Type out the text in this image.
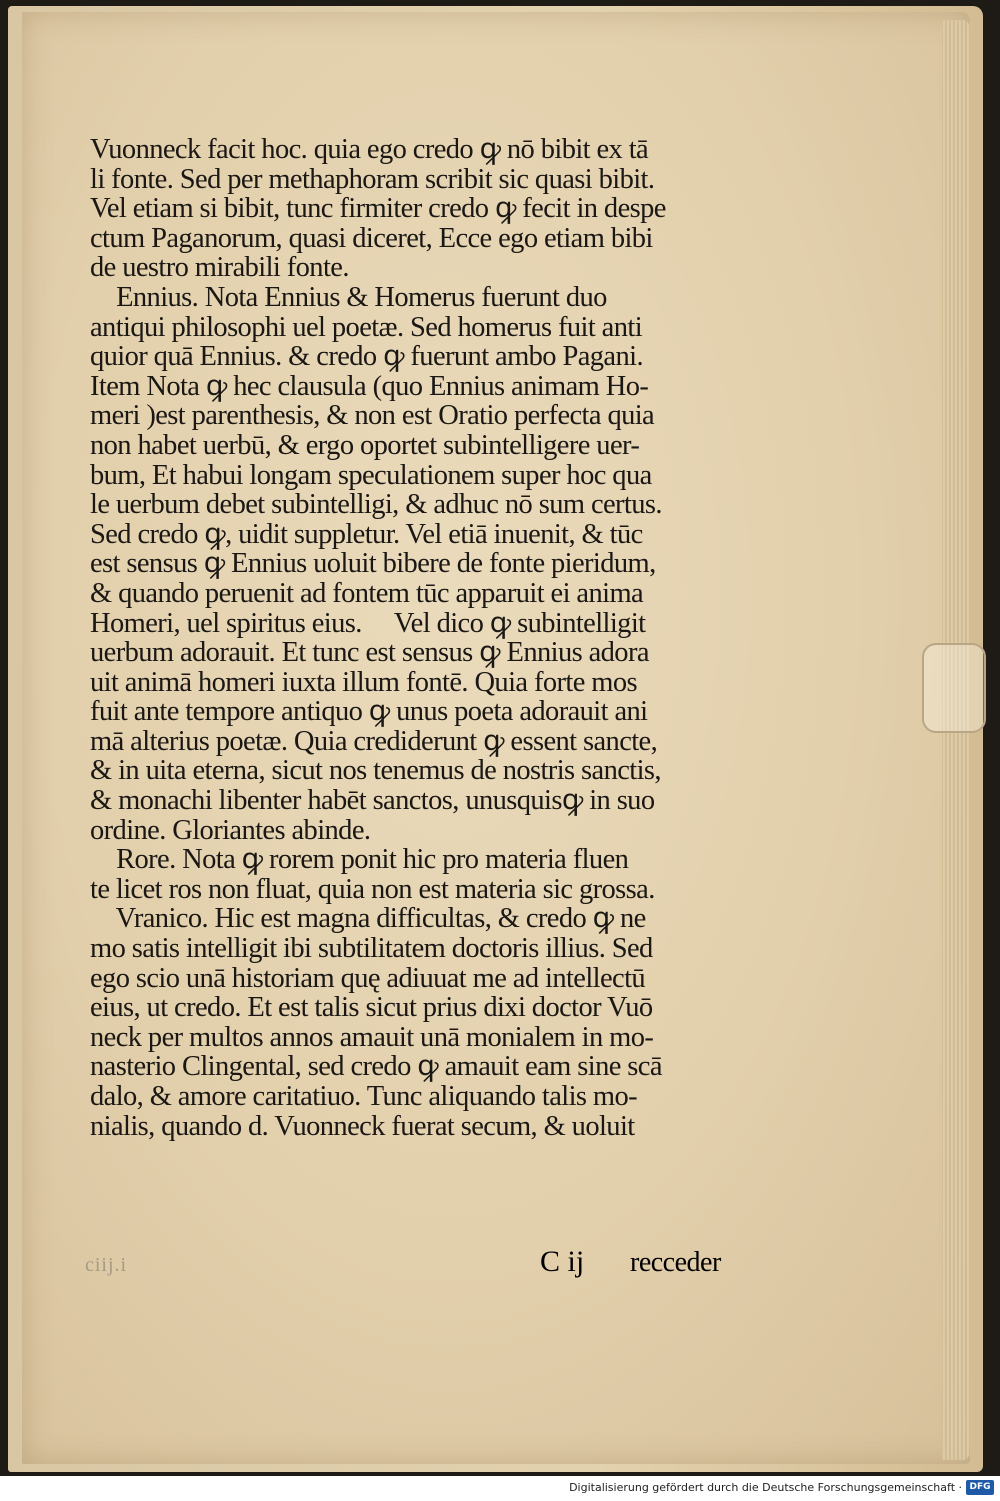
Vuonneck facit hoc. quia ego credo ꝙ nō bibit ex tā
li fonte. Sed per methaphoram scribit sic quasi bibit.
Vel etiam si bibit, tunc firmiter credo ꝙ fecit in despe
ctum Paganorum, quasi diceret, Ecce ego etiam bibi
de uestro mirabili fonte.
Ennius. Nota Ennius & Homerus fuerunt duo
antiqui philosophi uel poetæ. Sed homerus fuit anti
quior quā Ennius. & credo ꝙ fuerunt ambo Pagani.
Item Nota ꝙ hec clausula (quo Ennius animam Ho-
meri )est parenthesis, & non est Oratio perfecta quia
non habet uerbū, & ergo oportet subintelligere uer-
bum, Et habui longam speculationem super hoc qua
le uerbum debet subintelligi, & adhuc nō sum certus.
Sed credo ꝙ, uidit suppletur. Vel etiā inuenit, & tūc
est sensus ꝙ Ennius uoluit bibere de fonte pieridum,
& quando peruenit ad fontem tūc apparuit ei anima
Homeri, uel spiritus eius.     Vel dico ꝙ subintelligit
uerbum adorauit. Et tunc est sensus ꝙ Ennius adora
uit animā homeri iuxta illum fontē. Quia forte mos
fuit ante tempore antiquo ꝙ unus poeta adorauit ani
mā alterius poetæ. Quia crediderunt ꝙ essent sancte,
& in uita eterna, sicut nos tenemus de nostris sanctis,
& monachi libenter habēt sanctos, unusquisꝙ in suo
ordine. Gloriantes abinde.
Rore. Nota ꝙ rorem ponit hic pro materia fluen
te licet ros non fluat, quia non est materia sic grossa.
Vranico. Hic est magna difficultas, & credo ꝙ ne
mo satis intelligit ibi subtilitatem doctoris illius. Sed
ego scio unā historiam quę adiuuat me ad intellectū
eius, ut credo. Et est talis sicut prius dixi doctor Vuō
neck per multos annos amauit unā monialem in mo-
nasterio Clingental, sed credo ꝙ amauit eam sine scā
dalo, & amore caritatiuo. Tunc aliquando talis mo-
nialis, quando d. Vuonneck fuerat secum, & uoluit
ciij.i	C ij recceder
Digitalisierung gefördert durch die Deutsche Forschungsgemeinschaft · DFG
